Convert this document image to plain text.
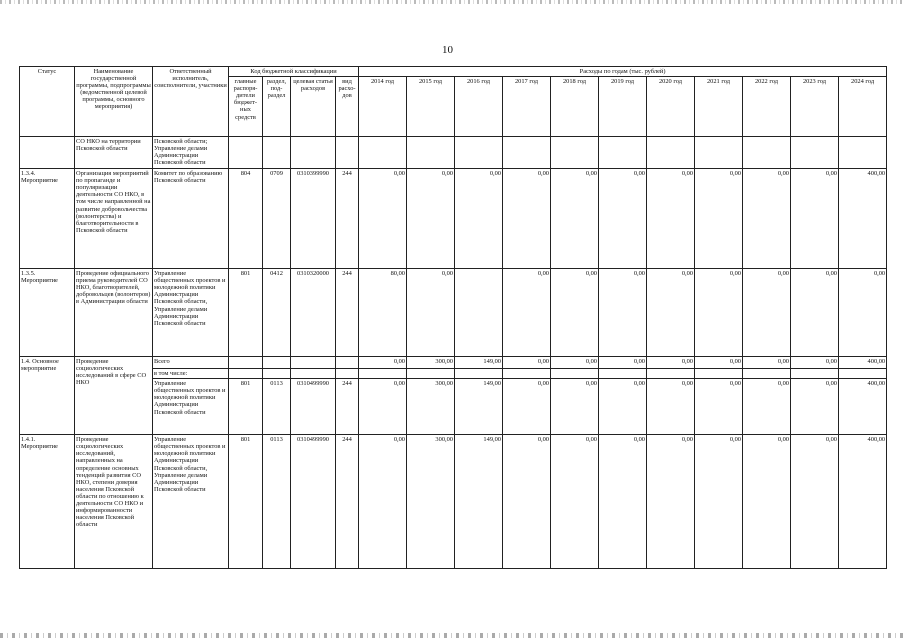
10
Статус	Наименование государственной программы, подпрограммы (ведомственной целевой программы, основного мероприятия)	Ответственный исполнитель, соисполнители, участники	Код бюджетной классификации				Расходы по годам (тыс. рублей)										
			главные распоря-дители бюджет-ных средств	раздел, под-раздел	целевая статья расходов	вид расхо-дов	2014 год	2015 год	2016 год	2017 год	2018 год	2019 год	2020 год	2021 год	2022 год	2023 год	2024 год
	СО НКО на территории Псковской области	Псковской области; Управление делами Администрации Псковской области															
1.3.4. Мероприятие	Организация мероприятий по пропаганде и популяризации деятельности СО НКО, в том числе направленной на развитие добровольчества (волонтерства) и благотворительности в Псковской области	Комитет по образованию Псковской области	804	0709	0310399990	244	0,00	0,00	0,00	0,00	0,00	0,00	0,00	0,00	0,00	0,00	400,00
1.3.5. Мероприятие	Проведение официального приема руководителей СО НКО, благотворителей, добровольцев (волонтеров) в Администрации области	Управление общественных проектов и молодежной политики Администрации Псковской области, Управление делами Администрации Псковской области	801	0412	0310320000	244	80,00	0,00		0,00	0,00	0,00	0,00	0,00	0,00	0,00	0,00
1.4. Основное мероприятие	Проведение социологических исследований в сфере СО НКО	Всего					0,00	300,00	149,00	0,00	0,00	0,00	0,00	0,00	0,00	0,00	400,00
		в том числе:															
		Управление общественных проектов и молодежной политики Администрации Псковской области	801	0113	0310499990	244	0,00	300,00	149,00	0,00	0,00	0,00	0,00	0,00	0,00	0,00	400,00
1.4.1. Мероприятие	Проведение социологических исследований, направленных на определение основных тенденций развития СО НКО, степени доверия населения Псковской области по отношению к деятельности СО НКО и информированности населения Псковской области	Управление общественных проектов и молодежной политики Администрации Псковской области, Управление делами Администрации Псковской области	801	0113	0310499990	244	0,00	300,00	149,00	0,00	0,00	0,00	0,00	0,00	0,00	0,00	400,00
